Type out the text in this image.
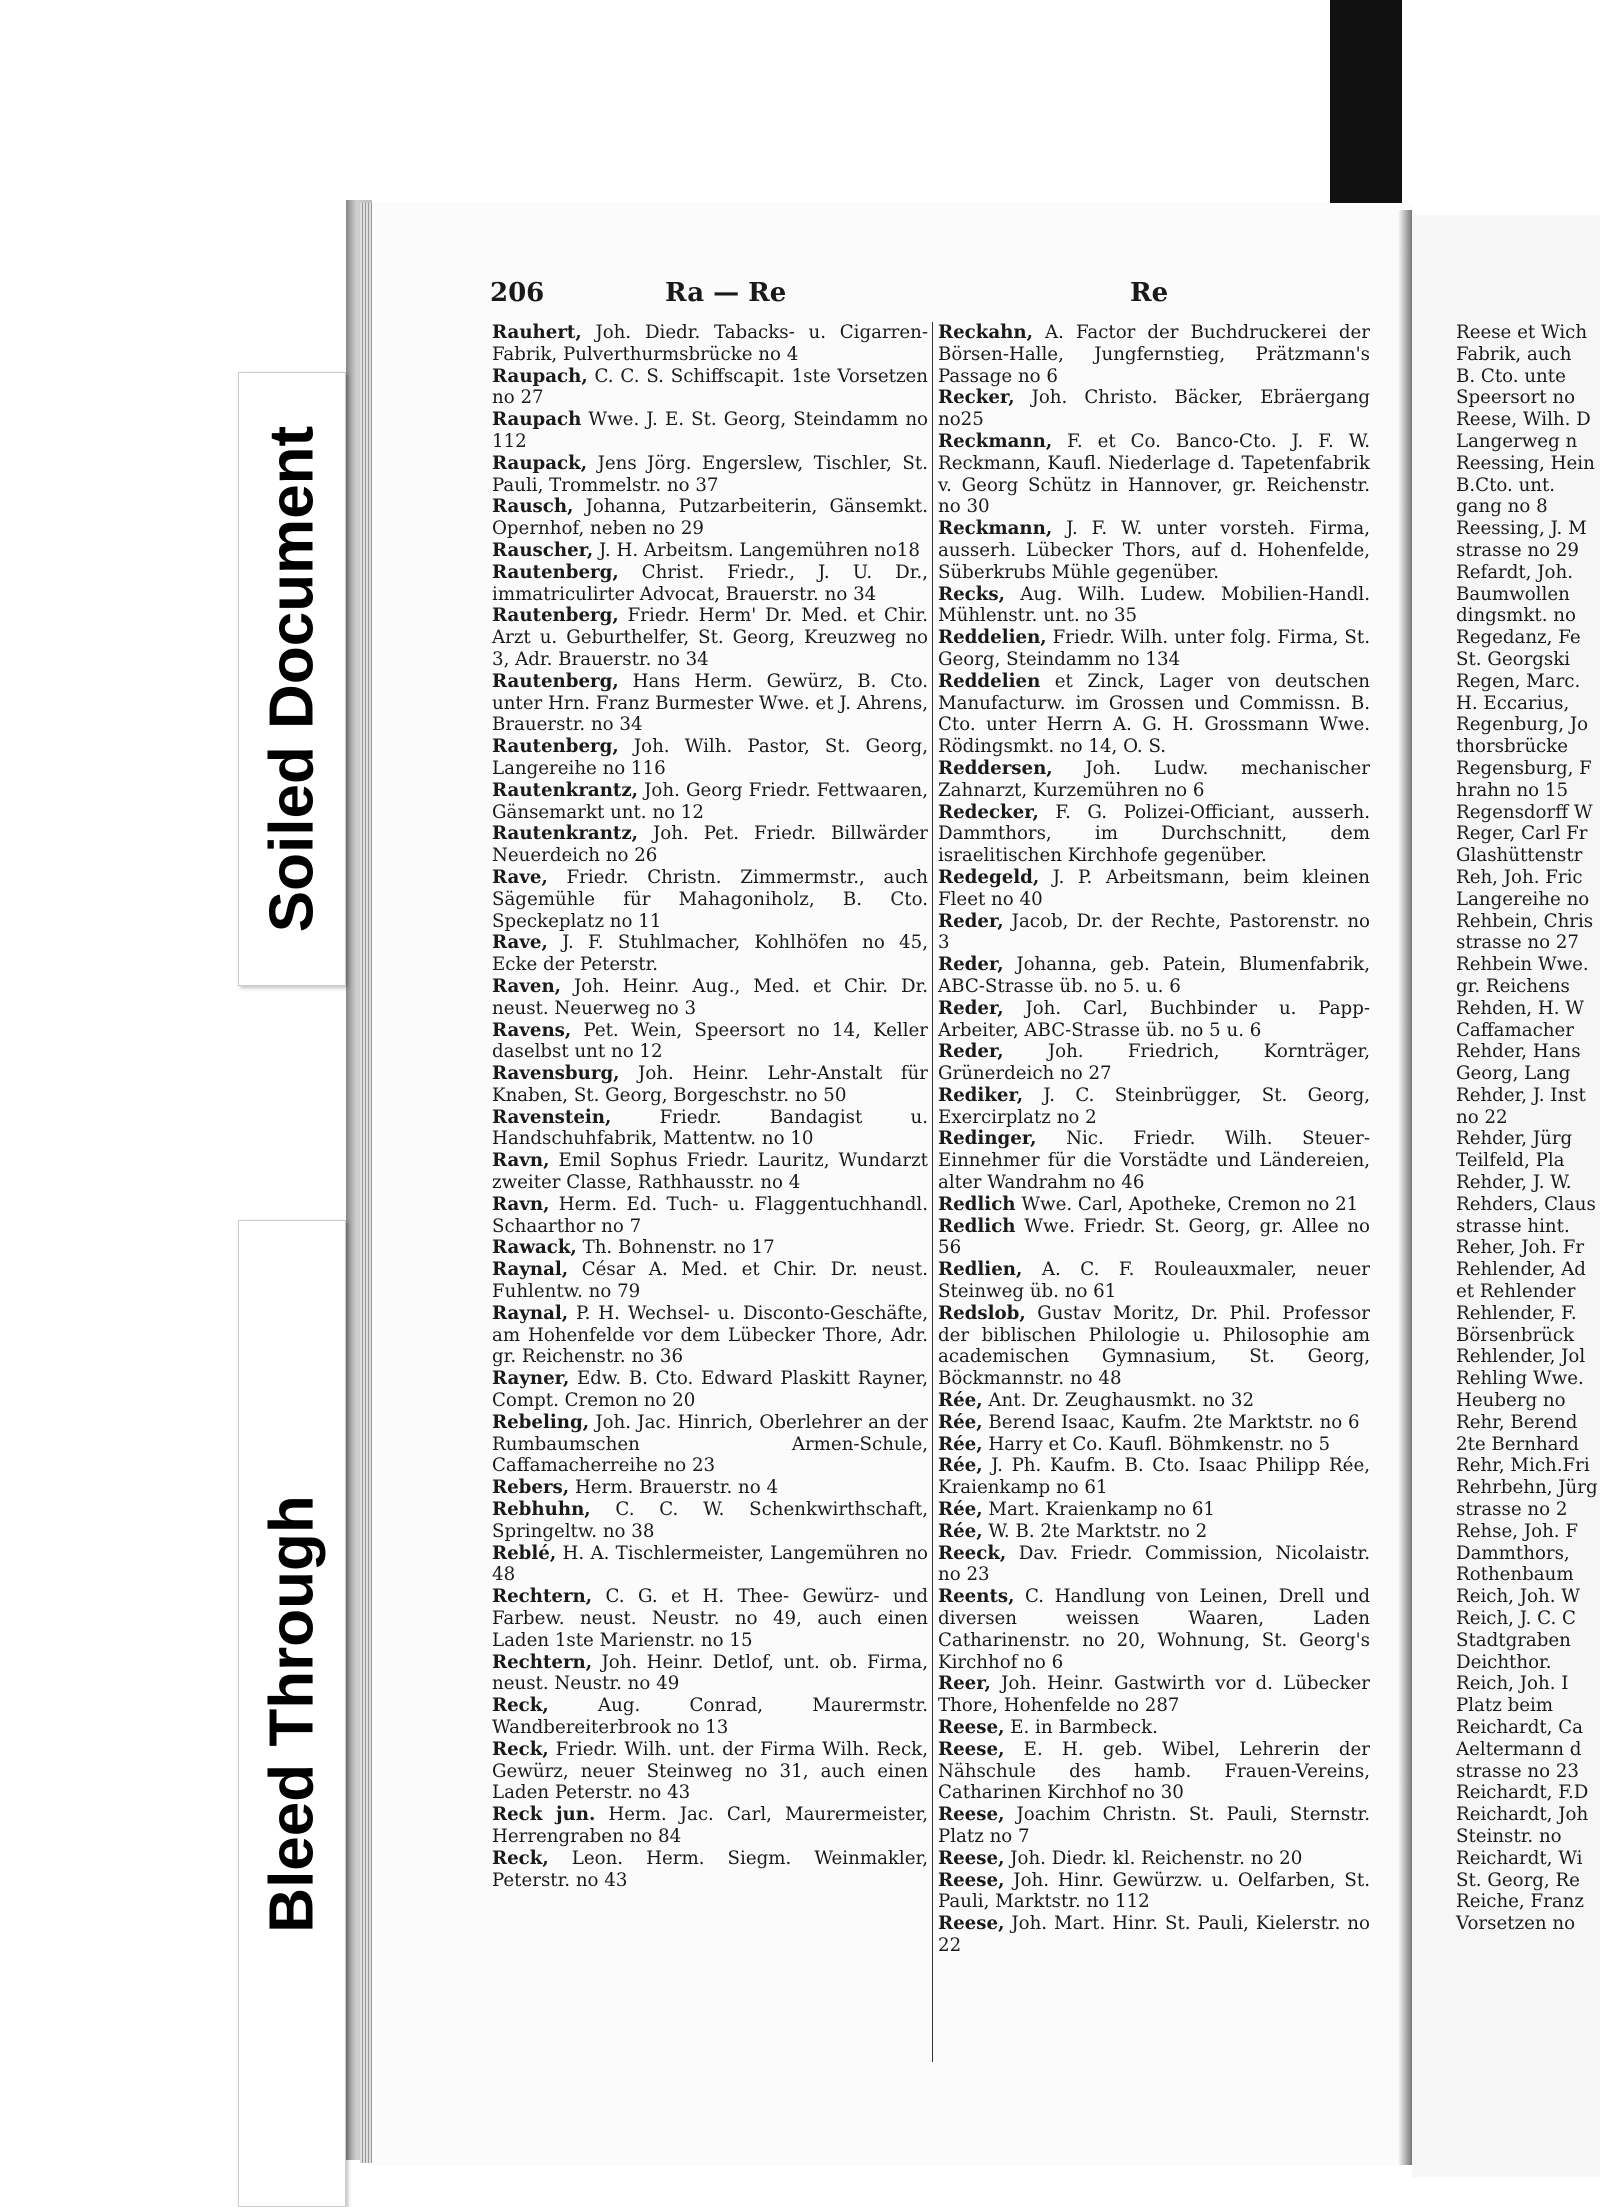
Soiled Document
Bleed Through
206	Ra — Re	Re

Rauhert, Joh. Diedr. Tabacks- u. Cigarren-Fabrik, Pulverthurmsbrücke no 4

Raupach, C. C. S. Schiffscapit. 1ste Vorsetzen no 27

Raupach Wwe. J. E. St. Georg, Steindamm no 112

Raupack, Jens Jörg. Engerslew, Tischler, St. Pauli, Trommelstr. no 37

Rausch, Johanna, Putzarbeiterin, Gänsemkt. Opernhof, neben no 29

Rauscher, J. H. Arbeitsm. Langemühren no18

Rautenberg, Christ. Friedr., J. U. Dr., immatriculirter Advocat, Brauerstr. no 34

Rautenberg, Friedr. Herm' Dr. Med. et Chir. Arzt u. Geburthelfer, St. Georg, Kreuzweg no 3, Adr. Brauerstr. no 34

Rautenberg, Hans Herm. Gewürz, B. Cto. unter Hrn. Franz Burmester Wwe. et J. Ahrens, Brauerstr. no 34

Rautenberg, Joh. Wilh. Pastor, St. Georg, Langereihe no 116

Rautenkrantz, Joh. Georg Friedr. Fettwaaren, Gänsemarkt unt. no 12

Rautenkrantz, Joh. Pet. Friedr. Billwärder Neuerdeich no 26

Rave, Friedr. Christn. Zimmermstr., auch Sägemühle für Mahagoniholz, B. Cto. Speckeplatz no 11

Rave, J. F. Stuhlmacher, Kohlhöfen no 45, Ecke der Peterstr.

Raven, Joh. Heinr. Aug., Med. et Chir. Dr. neust. Neuerweg no 3

Ravens, Pet. Wein, Speersort no 14, Keller daselbst unt no 12

Ravensburg, Joh. Heinr. Lehr-Anstalt für Knaben, St. Georg, Borgeschstr. no 50

Ravenstein,	Friedr. Bandagist u. Handschuhfabrik, Mattentw. no 10

Ravn, Emil Sophus Friedr. Lauritz, Wundarzt zweiter Classe, Rathhausstr. no 4

Ravn, Herm. Ed. Tuch- u. Flaggentuchhandl. Schaarthor no 7

Rawack, Th. Bohnenstr. no 17

Raynal, César A. Med. et Chir. Dr. neust. Fuhlentw. no 79

Raynal, P. H. Wechsel- u. Disconto-Geschäfte, am Hohenfelde vor dem Lübecker Thore, Adr. gr. Reichenstr. no 36

Rayner, Edw. B. Cto. Edward Plaskitt Rayner, Compt. Cremon no 20

Rebeling, Joh. Jac. Hinrich, Oberlehrer an der Rumbaumschen Armen-Schule, Caffamacherreihe no 23

Rebers, Herm. Brauerstr. no 4

Rebhuhn, C. C. W. Schenkwirthschaft, Springeltw. no 38

Reblé, H. A. Tischlermeister, Langemühren no 48

Rechtern, C. G. et H. Thee- Gewürz- und Farbew. neust. Neustr. no 49, auch einen Laden 1ste Marienstr. no 15

Rechtern, Joh. Heinr. Detlof, unt. ob. Firma, neust. Neustr. no 49

Reck,	Aug. Conrad, Maurermstr. Wandbereiterbrook no 13

Reck, Friedr. Wilh. unt. der Firma Wilh. Reck, Gewürz, neuer Steinweg no 31, auch einen Laden Peterstr. no 43

Reck jun. Herm. Jac. Carl, Maurermeister, Herrengraben no 84

Reck, Leon. Herm. Siegm. Weinmakler, Peterstr. no 43

Reckahn, A. Factor der Buchdruckerei der Börsen-Halle, Jungfernstieg, Prätzmann's Passage no 6

Recker, Joh. Christo. Bäcker, Ebräergang no25

Reckmann, F. et Co. Banco-Cto. J. F. W. Reckmann, Kaufl. Niederlage d. Tapetenfabrik v. Georg Schütz in Hannover, gr. Reichenstr. no 30

Reckmann, J. F. W. unter vorsteh. Firma, ausserh. Lübecker Thors, auf d. Hohenfelde, Süberkrubs Mühle gegenüber.

Recks, Aug. Wilh. Ludew. Mobilien-Handl. Mühlenstr. unt. no 35

Reddelien, Friedr. Wilh. unter folg. Firma, St. Georg, Steindamm no 134

Reddelien et Zinck, Lager von deutschen Manufacturw. im Grossen und Commissn. B. Cto. unter Herrn A. G. H. Grossmann Wwe. Rödingsmkt. no 14, O. S.

Reddersen, Joh. Ludw. mechanischer Zahnarzt, Kurzemühren no 6

Redecker, F. G. Polizei-Officiant, ausserh. Dammthors, im Durchschnitt, dem israelitischen Kirchhofe gegenüber.

Redegeld, J. P. Arbeitsmann, beim kleinen Fleet no 40

Reder, Jacob, Dr. der Rechte, Pastorenstr. no 3

Reder, Johanna, geb. Patein, Blumenfabrik, ABC-Strasse üb. no 5. u. 6

Reder, Joh. Carl, Buchbinder u. Papp-Arbeiter, ABC-Strasse üb. no 5 u. 6

Reder, Joh. Friedrich, Kornträger, Grünerdeich no 27

Rediker, J. C. Steinbrügger, St. Georg, Exercirplatz no 2

Redinger, Nic. Friedr. Wilh. Steuer-Einnehmer für die Vorstädte und Ländereien, alter Wandrahm no 46

Redlich Wwe. Carl, Apotheke, Cremon no 21

Redlich Wwe. Friedr. St. Georg, gr. Allee no 56

Redlien, A. C. F. Rouleauxmaler, neuer Steinweg üb. no 61

Redslob, Gustav Moritz, Dr. Phil. Professor der biblischen Philologie u. Philosophie am academischen Gymnasium, St. Georg, Böckmannstr. no 48

Rée, Ant. Dr. Zeughausmkt. no 32

Rée, Berend Isaac, Kaufm. 2te Marktstr. no 6

Rée, Harry et Co. Kaufl. Böhmkenstr. no 5

Rée, J. Ph. Kaufm. B. Cto. Isaac Philipp Rée, Kraienkamp no 61

Rée, Mart. Kraienkamp no 61

Rée, W. B. 2te Marktstr. no 2

Reeck, Dav. Friedr. Commission, Nicolaistr. no 23

Reents, C. Handlung von Leinen, Drell und diversen weissen Waaren, Laden Catharinenstr. no 20, Wohnung, St. Georg's Kirchhof no 6

Reer, Joh. Heinr. Gastwirth vor d. Lübecker Thore, Hohenfelde no 287

Reese, E. in Barmbeck.

Reese, E. H. geb. Wibel, Lehrerin der Nähschule des hamb. Frauen-Vereins, Catharinen Kirchhof no 30

Reese, Joachim Christn. St. Pauli, Sternstr. Platz no 7

Reese, Joh. Diedr. kl. Reichenstr. no 20

Reese, Joh. Hinr. Gewürzw. u. Oelfarben, St. Pauli, Marktstr. no 112

Reese, Joh. Mart. Hinr. St. Pauli, Kielerstr. no 22

Reese et Wich
Fabrik, auch
B. Cto. unte
Speersort no
Reese, Wilh. D
Langerweg n
Reessing, Hein
B.Cto. unt.
gang no 8
Reessing, J. M
strasse no 29
Refardt, Joh.
Baumwollen
dingsmkt. no
Regedanz, Fe
St. Georgski
Regen, Marc.
H. Eccarius,
Regenburg, Jo
thorsbrücke
Regensburg, F
hrahn no 15
Regensdorff W
Reger, Carl Fr
Glashüttenstr
Reh, Joh. Fric
Langereihe no
Rehbein, Chris
strasse no 27
Rehbein Wwe.
gr. Reichens
Rehden, H. W
Caffamacher
Rehder, Hans
Georg, Lang
Rehder, J. Inst
no 22
Rehder, Jürg
Teilfeld, Pla
Rehder, J. W.
Rehders, Claus
strasse hint.
Reher, Joh. Fr
Rehlender, Ad
et Rehlender
Rehlender, F.
Börsenbrück
Rehlender, Jol
Rehling Wwe.
Heuberg no
Rehr, Berend
2te Bernhard
Rehr, Mich.Fri
Rehrbehn, Jürg
strasse no 2
Rehse, Joh. F
Dammthors,
Rothenbaum
Reich, Joh. W
Reich, J. C. C
Stadtgraben
Deichthor.
Reich, Joh. I
Platz beim
Reichardt, Ca
Aeltermann d
strasse no 23
Reichardt, F.D
Reichardt, Joh
Steinstr. no
Reichardt, Wi
St. Georg, Re
Reiche, Franz
Vorsetzen no
